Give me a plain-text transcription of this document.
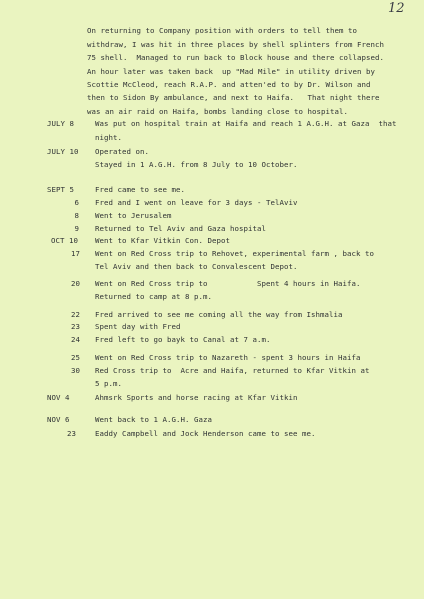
12
On returning to Company position with orders to tell them to
withdraw, I was hit in three places by shell splinters from French
75 shell.  Managed to run back to Block house and there collapsed.
An hour later was taken back  up "Mad Mile" in utility driven by
Scottie McCleod, reach R.A.P. and atten'ed to by Dr. Wilson and
then to Sidon By ambulance, and next to Haifa.   That night there
was an air raid on Haifa, bombs landing close to hospital.
JULY 8	Was put on hospital train at Haifa and reach 1 A.G.H. at Gaza  that
night.
JULY 10 Operated on.
Stayed in 1 A.G.H. from 8 July to 10 October.
SEPT 5	Fred came to see me.
6 Fred and I went on leave for 3 days - TelAviv
8 Went to Jerusalem
9 Returned to Tel Aviv and Gaza hospital
OCT 10 Went to Kfar Vitkin Con. Depot
17 Went on Red Cross trip to Rehovet, experimental farm , back to
Tel Aviv and then back to Convalescent Depot.
20 Went on Red Cross trip to           Spent 4 hours in Haifa.
Returned to camp at 8 p.m.
22 Fred arrived to see me coming all the way from Ishmalia
23 Spent day with Fred
24 Fred left to go bayk to Canal at 7 a.m.
25 Went on Red Cross trip to Nazareth - spent 3 hours in Haifa
30 Red Cross trip to  Acre and Haifa, returned to Kfar Vitkin at
5 p.m.
NOV 4	Ahmsrk Sports and horse racing at Kfar Vitkin
NOV 6	Went back to 1 A.G.H. Gaza
23	Eaddy Campbell and Jock Henderson came to see me.
